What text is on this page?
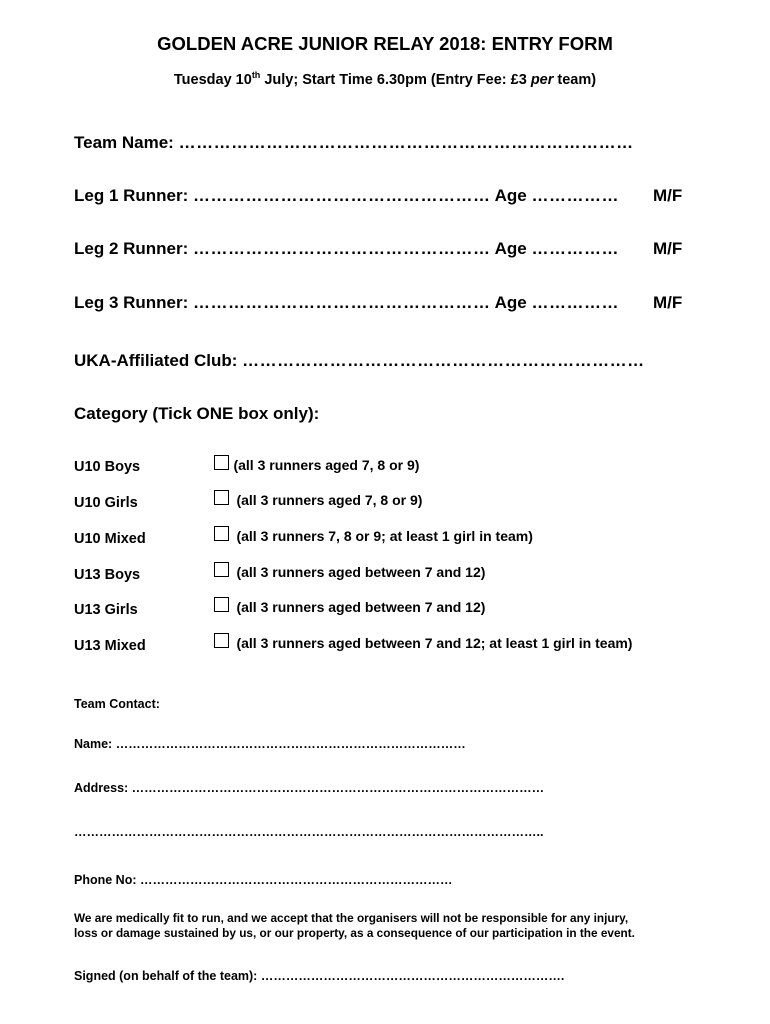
GOLDEN ACRE JUNIOR RELAY 2018: ENTRY FORM
Tuesday 10th July; Start Time 6.30pm (Entry Fee: £3 per team)
Team Name: ……………………………………………………………………
Leg 1 Runner: …………………………………………… Age …………… M/F
Leg 2 Runner: …………………………………………… Age …………… M/F
Leg 3 Runner: …………………………………………… Age …………… M/F
UKA-Affiliated Club: ……………………………………………………………
Category (Tick ONE box only):
U10 Boys	(all 3 runners aged 7, 8 or 9)
U10 Girls	(all 3 runners aged 7, 8 or 9)
U10 Mixed	(all 3 runners 7, 8 or 9; at least 1 girl in team)
U13 Boys	(all 3 runners aged between 7 and 12)
U13 Girls	(all 3 runners aged between 7 and 12)
U13 Mixed	(all 3 runners aged between 7 and 12; at least 1 girl in team)
Team Contact:
Name: …………………………………………………………………………
Address: ………………………………………………………………………………………
…………………………………………………………………………………………………..
Phone No: …………………………………………………………………
We are medically fit to run, and we accept that the organisers will not be responsible for any injury,
loss or damage sustained by us, or our property, as a consequence of our participation in the event.
Signed (on behalf of the team): ……………………………………………………………….
